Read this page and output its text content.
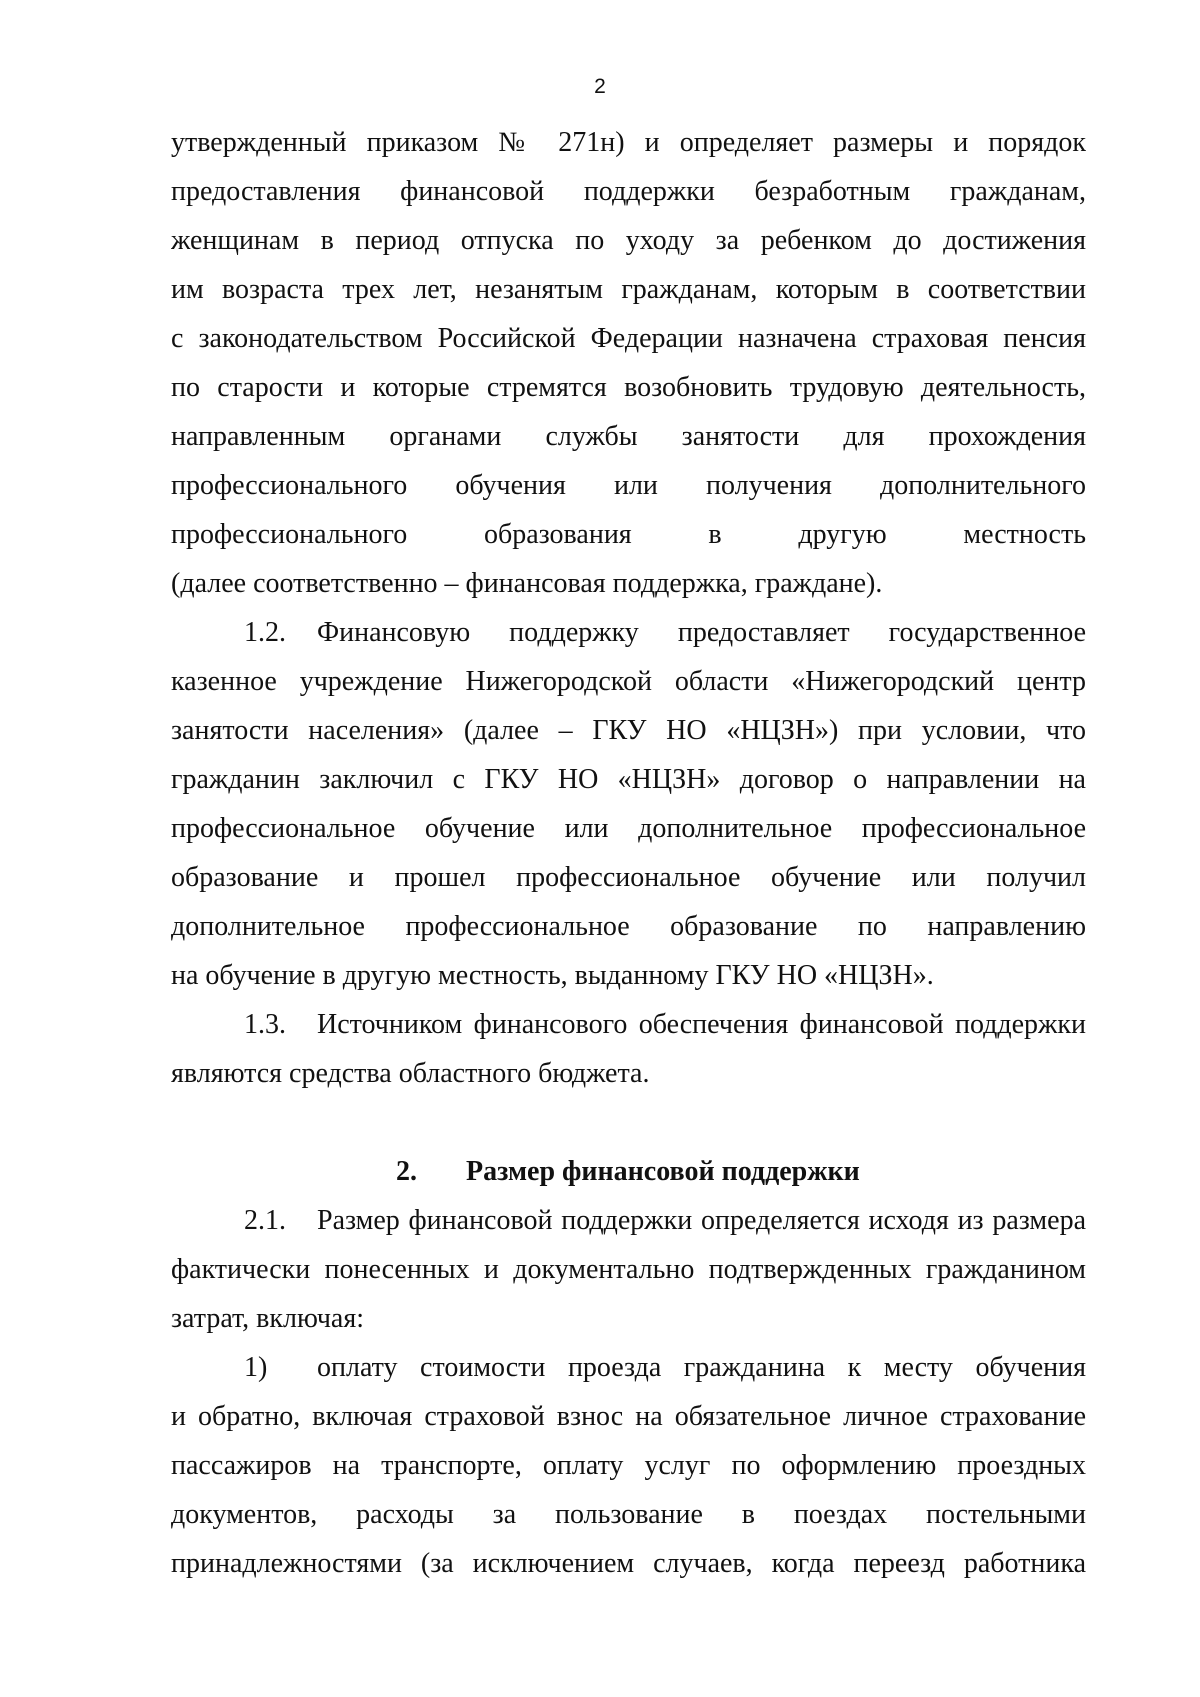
2
утвержденный приказом № 271н) и определяет размеры и порядок
предоставления финансовой поддержки безработным гражданам,
женщинам в период отпуска по уходу за ребенком до достижения
им возраста трех лет, незанятым гражданам, которым в соответствии
с законодательством Российской Федерации назначена страховая пенсия
по старости и которые стремятся возобновить трудовую деятельность,
направленным органами службы занятости для прохождения
профессионального обучения или получения дополнительного
профессионального образования в другую местность
(далее соответственно – финансовая поддержка, граждане).
1.2. Финансовую поддержку предоставляет государственное
казенное учреждение Нижегородской области «Нижегородский центр
занятости населения» (далее – ГКУ НО «НЦЗН») при условии, что
гражданин заключил с ГКУ НО «НЦЗН» договор о направлении на
профессиональное обучение или дополнительное профессиональное
образование и прошел профессиональное обучение или получил
дополнительное профессиональное образование по направлению
на обучение в другую местность, выданному ГКУ НО «НЦЗН».
1.3. Источником финансового обеспечения финансовой поддержки
являются средства областного бюджета.
2. Размер финансовой поддержки
2.1. Размер финансовой поддержки определяется исходя из размера
фактически понесенных и документально подтвержденных гражданином
затрат, включая:
1) оплату стоимости проезда гражданина к месту обучения
и обратно, включая страховой взнос на обязательное личное страхование
пассажиров на транспорте, оплату услуг по оформлению проездных
документов, расходы за пользование в поездах постельными
принадлежностями (за исключением случаев, когда переезд работника
